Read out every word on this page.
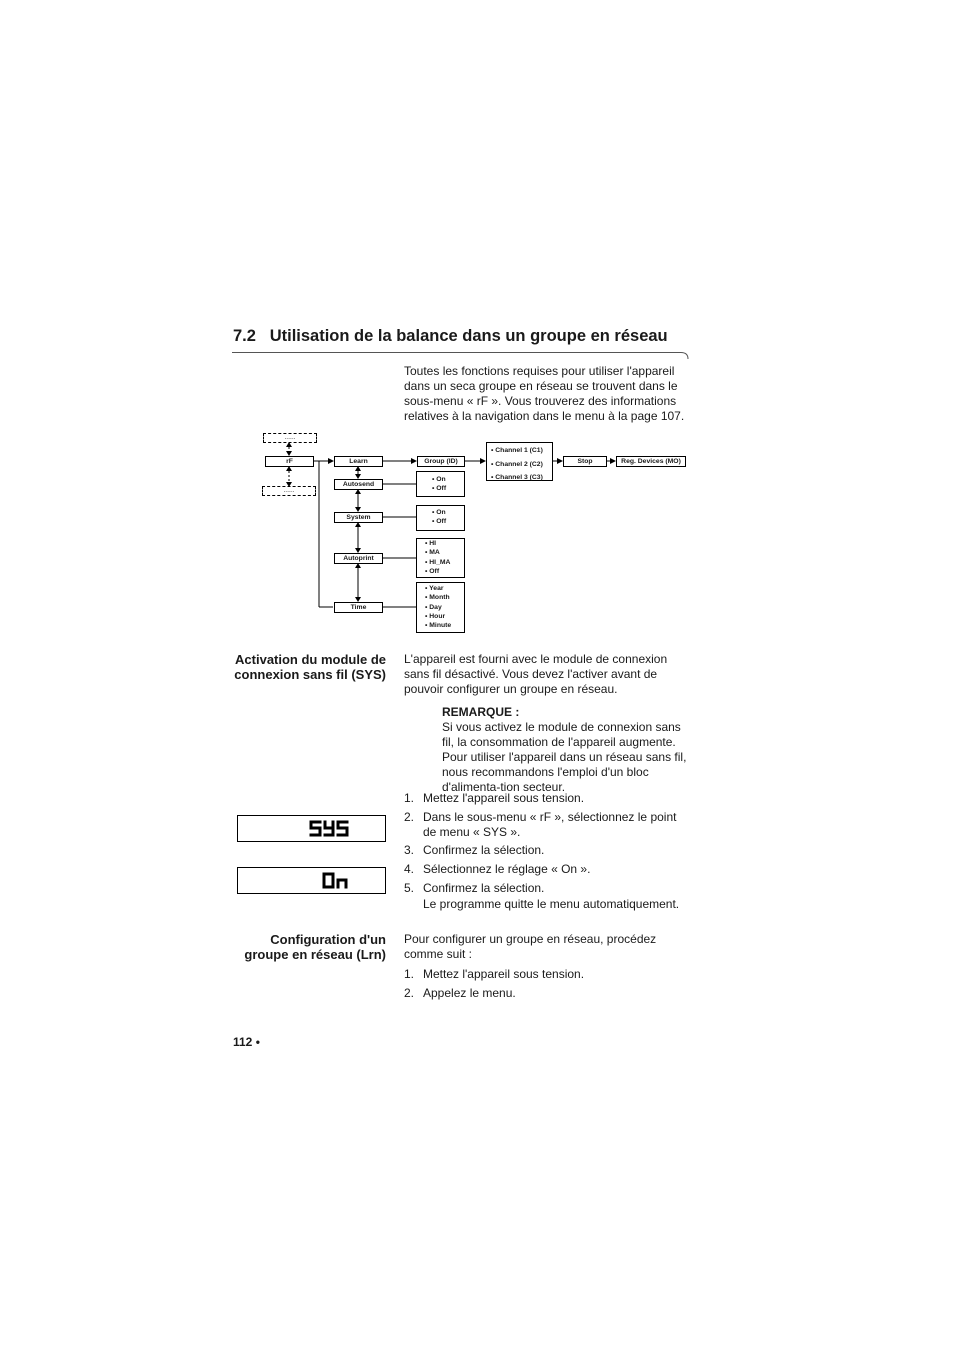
7.2 Utilisation de la balance dans un groupe en réseau
Toutes les fonctions requises pour utiliser l'appareil dans un seca groupe en réseau se trouvent dans le sous-menu « rF ». Vous trouverez des informations relatives à la navigation dans le menu à la page 107.
......
rF
......
Learn
Autosend
System
Autoprint
Time
Group (ID)
• Channel 1 (C1)
• Channel 2 (C2)
• Channel 3 (C3)
Stop	Reg. Devices (MO)
• On
• Off
• On
• Off
• HI
• MA
• HI_MA
• Off
• Year
• Month
• Day
• Hour
• Minute
Activation du module de
connexion sans fil (SYS)
L'appareil est fourni avec le module de connexion sans fil désactivé. Vous devez l'activer avant de pouvoir configurer un groupe en réseau.
REMARQUE :
Si vous activez le module de connexion sans fil, la consommation de l'appareil augmente. Pour utiliser l'appareil dans un réseau sans fil, nous recommandons l'emploi d'un bloc d'alimenta-tion secteur.
1. Mettez l'appareil sous tension.
2. Dans le sous-menu « rF », sélectionnez le point de menu « SYS ».
3. Confirmez la sélection.
4. Sélectionnez le réglage « On ».
5. Confirmez la sélection.
Le programme quitte le menu automatiquement.
Configuration d'un
groupe en réseau (Lrn)
Pour configurer un groupe en réseau, procédez comme suit :
1. Mettez l'appareil sous tension.
2. Appelez le menu.
112 •
